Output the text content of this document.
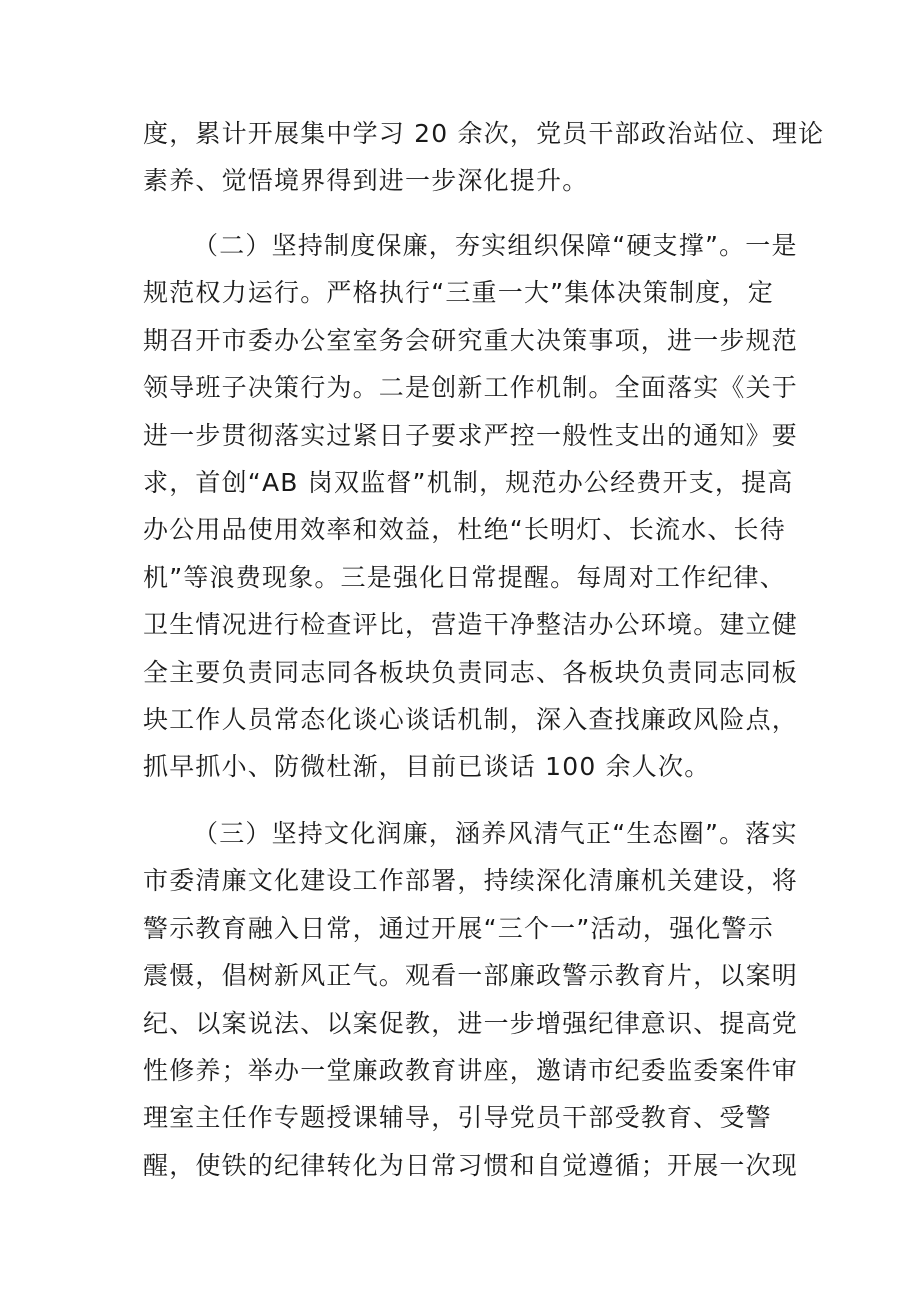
度，累计开展集中学习 20 余次，党员干部政治站位、理论
素养、觉悟境界得到进一步深化提升。
（二）坚持制度保廉，夯实组织保障“硬支撑”。一是
规范权力运行。严格执行“三重一大”集体决策制度，定
期召开市委办公室室务会研究重大决策事项，进一步规范
领导班子决策行为。二是创新工作机制。全面落实《关于
进一步贯彻落实过紧日子要求严控一般性支出的通知》要
求，首创“AB 岗双监督”机制，规范办公经费开支，提高
办公用品使用效率和效益，杜绝“长明灯、长流水、长待
机”等浪费现象。三是强化日常提醒。每周对工作纪律、
卫生情况进行检查评比，营造干净整洁办公环境。建立健
全主要负责同志同各板块负责同志、各板块负责同志同板
块工作人员常态化谈心谈话机制，深入查找廉政风险点，
抓早抓小、防微杜渐，目前已谈话 100 余人次。
（三）坚持文化润廉，涵养风清气正“生态圈”。落实
市委清廉文化建设工作部署，持续深化清廉机关建设，将
警示教育融入日常，通过开展“三个一”活动，强化警示
震慑，倡树新风正气。观看一部廉政警示教育片，以案明
纪、以案说法、以案促教，进一步增强纪律意识、提高党
性修养；举办一堂廉政教育讲座，邀请市纪委监委案件审
理室主任作专题授课辅导，引导党员干部受教育、受警
醒，使铁的纪律转化为日常习惯和自觉遵循；开展一次现
